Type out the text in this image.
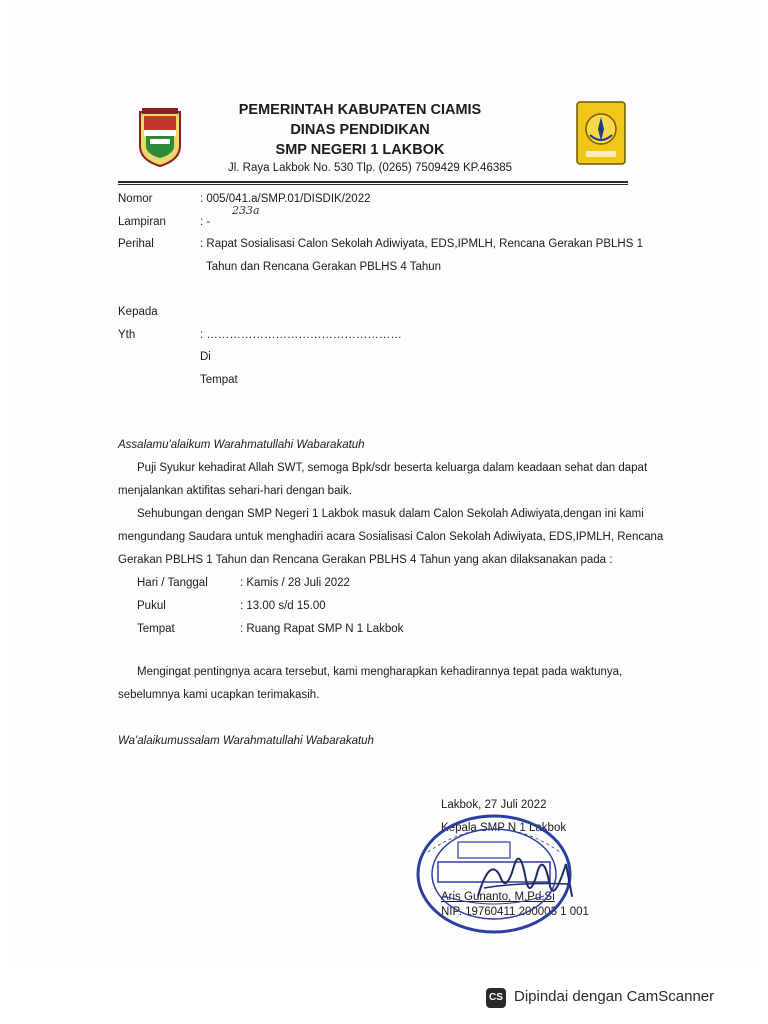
PEMERINTAH KABUPATEN CIAMIS
DINAS PENDIDIKAN
SMP NEGERI 1 LAKBOK
Jl. Raya Lakbok No. 530 Tlp. (0265) 7509429 KP.46385
Nomor	: 005/041.a/SMP.01/DISDIK/2022
233a
Lampiran	: -
Perihal	: Rapat Sosialisasi Calon Sekolah Adiwiyata, EDS,IPMLH, Rencana Gerakan PBLHS 1
Tahun dan Rencana Gerakan PBLHS 4 Tahun
Kepada
Yth	: ……………………………………………
Di
Tempat
Assalamu'alaikum Warahmatullahi Wabarakatuh
Puji Syukur kehadirat Allah SWT, semoga Bpk/sdr beserta keluarga dalam keadaan sehat dan dapat
menjalankan aktifitas sehari-hari dengan baik.
Sehubungan dengan SMP Negeri 1 Lakbok masuk dalam Calon Sekolah Adiwiyata,dengan ini kami
mengundang Saudara untuk menghadiri acara Sosialisasi Calon Sekolah Adiwiyata, EDS,IPMLH, Rencana
Gerakan PBLHS 1 Tahun dan Rencana Gerakan PBLHS 4 Tahun yang akan dilaksanakan pada :
Hari / Tanggal	: Kamis / 28 Juli 2022
Pukul	: 13.00 s/d 15.00
Tempat	: Ruang Rapat SMP N 1 Lakbok
Mengingat pentingnya acara tersebut, kami mengharapkan kehadirannya tepat pada waktunya,
sebelumnya kami ucapkan terimakasih.
Wa'alaikumussalam Warahmatullahi Wabarakatuh
Lakbok, 27 Juli 2022
Kepala SMP N 1 Lakbok
Aris Gunanto, M.Pd.Si
NIP. 19760411 200003 1 001
CS Dipindai dengan CamScanner
